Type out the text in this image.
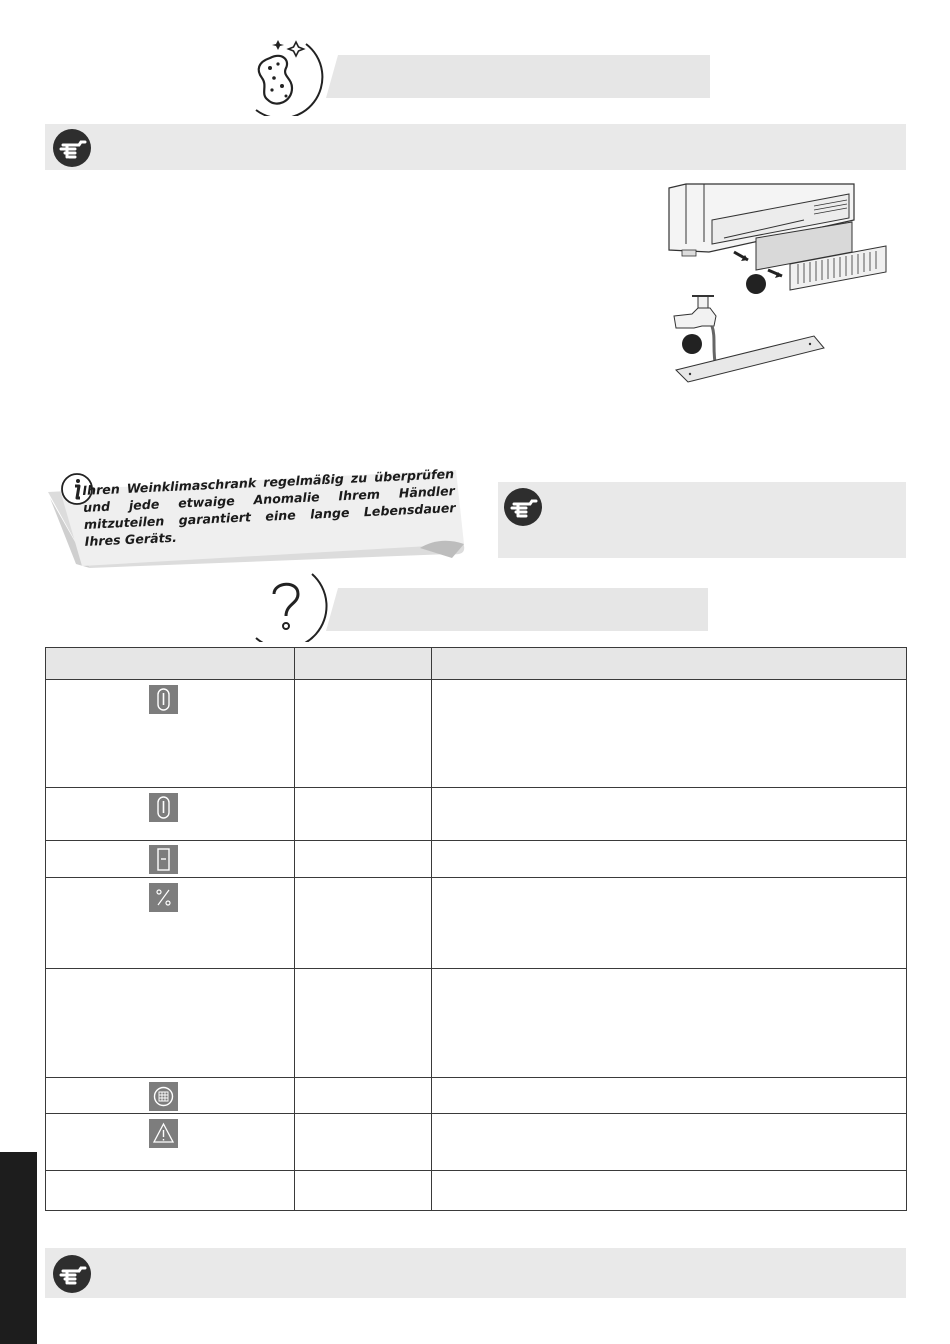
Ihren Weinklimaschrank regelmäßig zu überprüfen und jede etwaige Anomalie Ihrem Händler mitzuteilen garantiert eine lange Lebensdauer Ihres Geräts.
